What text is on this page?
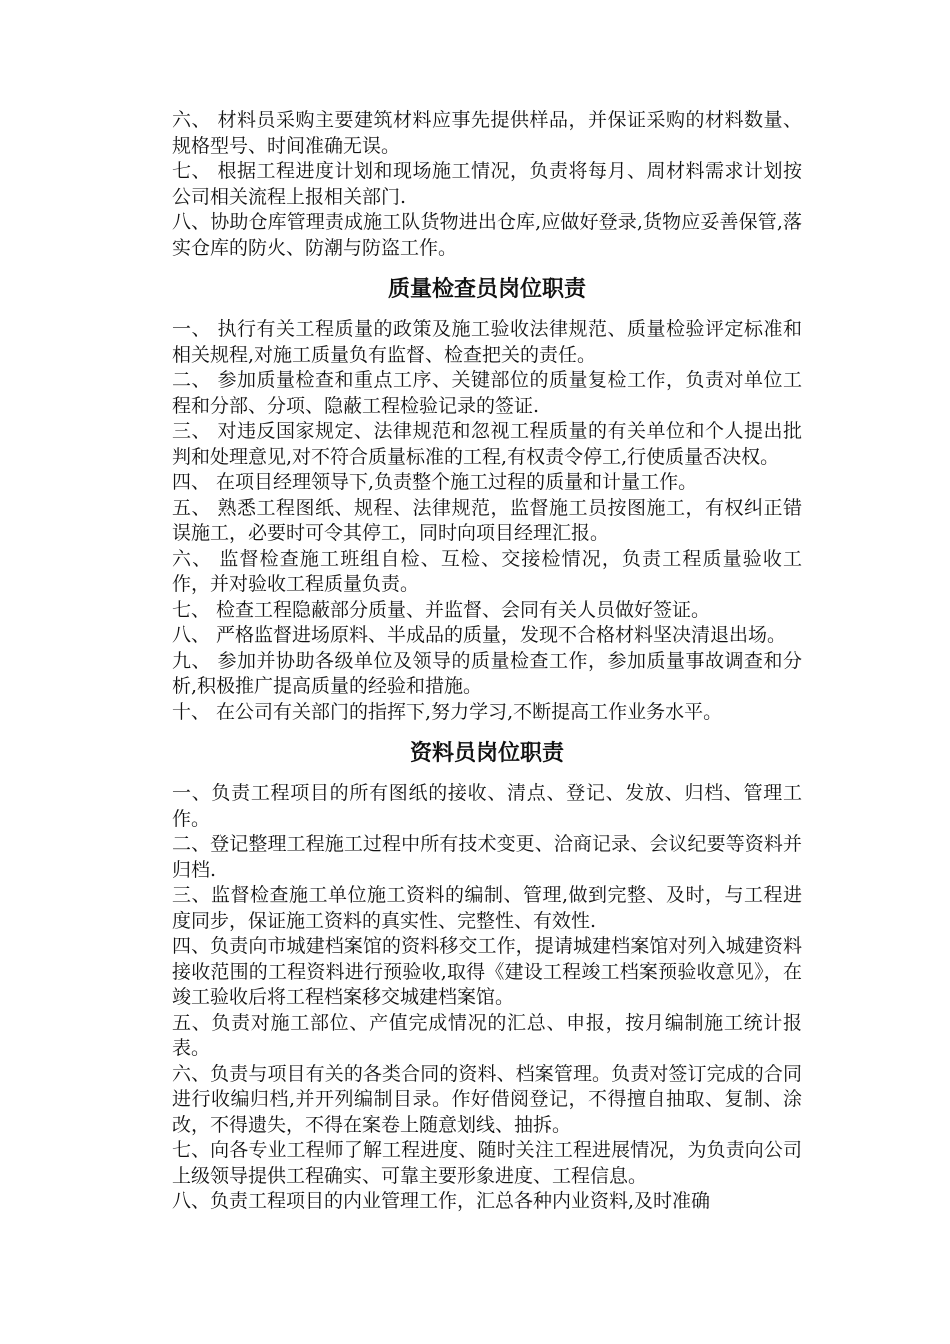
六、 材料员采购主要建筑材料应事先提供样品，并保证采购的材料数量、规格型号、时间准确无误。

七、 根据工程进度计划和现场施工情况，负责将每月、周材料需求计划按公司相关流程上报相关部门.

八、协助仓库管理责成施工队货物进出仓库,应做好登录,货物应妥善保管,落实仓库的防火、防潮与防盗工作。

质量检查员岗位职责

一、 执行有关工程质量的政策及施工验收法律规范、质量检验评定标准和相关规程,对施工质量负有监督、检查把关的责任。

二、 参加质量检查和重点工序、关键部位的质量复检工作，负责对单位工程和分部、分项、隐蔽工程检验记录的签证.

三、 对违反国家规定、法律规范和忽视工程质量的有关单位和个人提出批判和处理意见,对不符合质量标准的工程,有权责令停工,行使质量否决权。

四、 在项目经理领导下,负责整个施工过程的质量和计量工作。

五、 熟悉工程图纸、规程、法律规范，监督施工员按图施工，有权纠正错误施工，必要时可令其停工，同时向项目经理汇报。

六、 监督检查施工班组自检、互检、交接检情况，负责工程质量验收工作，并对验收工程质量负责。

七、 检查工程隐蔽部分质量、并监督、会同有关人员做好签证。

八、 严格监督进场原料、半成品的质量，发现不合格材料坚决清退出场。

九、 参加并协助各级单位及领导的质量检查工作，参加质量事故调查和分析,积极推广提高质量的经验和措施。

十、 在公司有关部门的指挥下,努力学习,不断提高工作业务水平。

资料员岗位职责

一、负责工程项目的所有图纸的接收、清点、登记、发放、归档、管理工作。

二、登记整理工程施工过程中所有技术变更、洽商记录、会议纪要等资料并归档.

三、监督检查施工单位施工资料的编制、管理,做到完整、及时，与工程进度同步，保证施工资料的真实性、完整性、有效性.

四、负责向市城建档案馆的资料移交工作，提请城建档案馆对列入城建资料接收范围的工程资料进行预验收,取得《建设工程竣工档案预验收意见》，在竣工验收后将工程档案移交城建档案馆。

五、负责对施工部位、产值完成情况的汇总、申报，按月编制施工统计报表。

六、负责与项目有关的各类合同的资料、档案管理。负责对签订完成的合同进行收编归档,并开列编制目录。作好借阅登记，不得擅自抽取、复制、涂改，不得遗失，不得在案卷上随意划线、抽拆。

七、向各专业工程师了解工程进度、随时关注工程进展情况，为负责向公司上级领导提供工程确实、可靠主要形象进度、工程信息。

八、负责工程项目的内业管理工作，汇总各种内业资料,及时准确
